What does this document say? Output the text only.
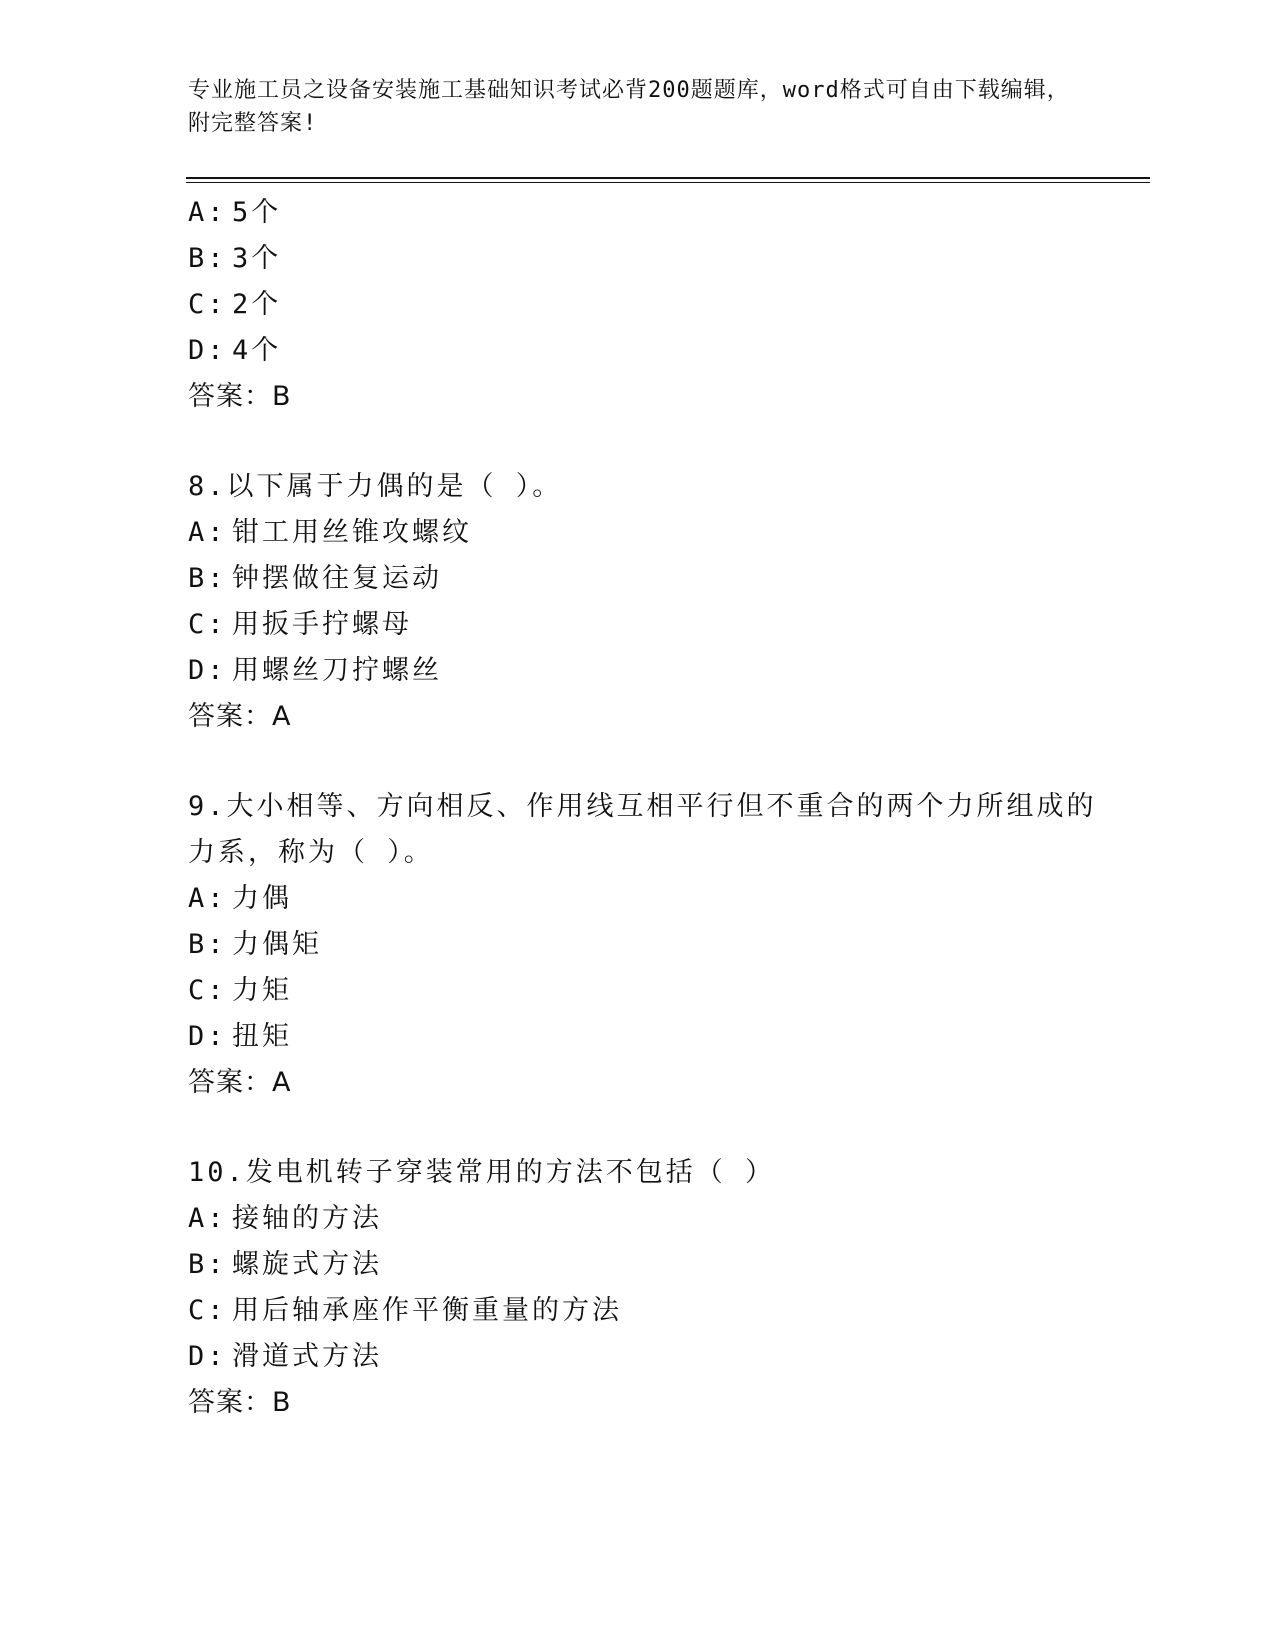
专业施工员之设备安装施工基础知识考试必背200题题库，word格式可自由下载编辑，附完整答案!
A: 5个
B: 3个
C: 2个
D: 4个
答案：B
8.以下属于力偶的是（ ）。
A: 钳工用丝锥攻螺纹
B: 钟摆做往复运动
C: 用扳手拧螺母
D: 用螺丝刀拧螺丝
答案：A
9.大小相等、方向相反、作用线互相平行但不重合的两个力所组成的
力系，称为（ ）。
A: 力偶
B: 力偶矩
C: 力矩
D: 扭矩
答案：A
10.发电机转子穿装常用的方法不包括（ ）
A: 接轴的方法
B: 螺旋式方法
C: 用后轴承座作平衡重量的方法
D: 滑道式方法
答案：B
